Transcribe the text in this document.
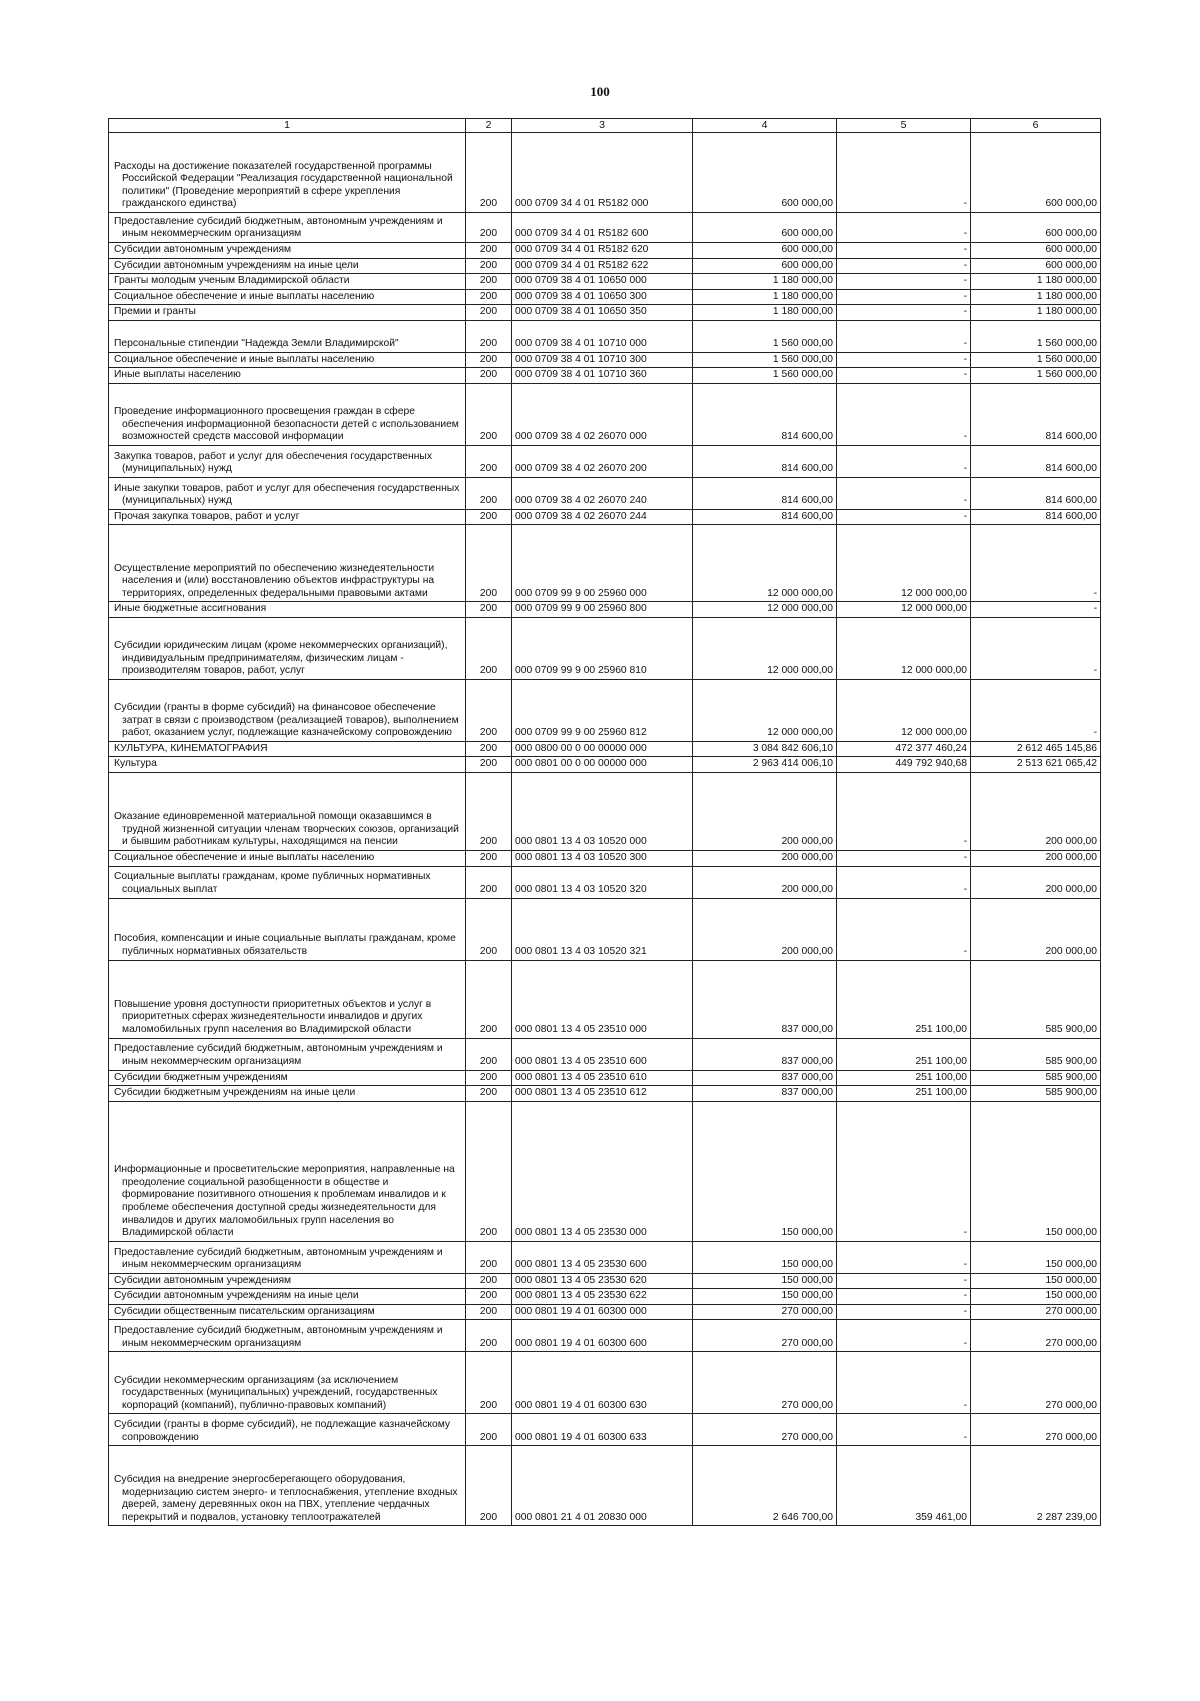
100
1	2	3	4	5	6

Расходы на достижение показателей государственной программы Российской Федерации "Реализация государственной национальной политики" (Проведение мероприятий в сфере укрепления гражданского единства)	200	000 0709 34 4 01 R5182 000	600 000,00	-	600 000,00

Предоставление субсидий бюджетным, автономным учреждениям и иным некоммерческим организациям	200	000 0709 34 4 01 R5182 600	600 000,00	-	600 000,00

Субсидии автономным учреждениям	200	000 0709 34 4 01 R5182 620	600 000,00	-	600 000,00

Субсидии автономным учреждениям на иные цели	200	000 0709 34 4 01 R5182 622	600 000,00	-	600 000,00

Гранты молодым ученым Владимирской области	200	000 0709 38 4 01 10650 000	1 180 000,00	-	1 180 000,00

Социальное обеспечение и иные выплаты населению	200	000 0709 38 4 01 10650 300	1 180 000,00	-	1 180 000,00

Премии и гранты	200	000 0709 38 4 01 10650 350	1 180 000,00	-	1 180 000,00

Персональные стипендии "Надежда Земли Владимирской"	200	000 0709 38 4 01 10710 000	1 560 000,00	-	1 560 000,00

Социальное обеспечение и иные выплаты населению	200	000 0709 38 4 01 10710 300	1 560 000,00	-	1 560 000,00

Иные выплаты населению	200	000 0709 38 4 01 10710 360	1 560 000,00	-	1 560 000,00

Проведение информационного просвещения граждан в сфере обеспечения информационной безопасности детей с использованием возможностей средств массовой информации	200	000 0709 38 4 02 26070 000	814 600,00	-	814 600,00

Закупка товаров, работ и услуг для обеспечения государственных (муниципальных) нужд	200	000 0709 38 4 02 26070 200	814 600,00	-	814 600,00

Иные закупки товаров, работ и услуг для обеспечения государственных (муниципальных) нужд	200	000 0709 38 4 02 26070 240	814 600,00	-	814 600,00

Прочая закупка товаров, работ и услуг	200	000 0709 38 4 02 26070 244	814 600,00	-	814 600,00

Осуществление мероприятий по обеспечению жизнедеятельности населения и (или) восстановлению объектов инфраструктуры на территориях, определенных федеральными правовыми актами	200	000 0709 99 9 00 25960 000	12 000 000,00	12 000 000,00	-

Иные бюджетные ассигнования	200	000 0709 99 9 00 25960 800	12 000 000,00	12 000 000,00	-

Субсидии юридическим лицам (кроме некоммерческих организаций), индивидуальным предпринимателям, физическим лицам - производителям товаров, работ, услуг	200	000 0709 99 9 00 25960 810	12 000 000,00	12 000 000,00	-

Субсидии (гранты в форме субсидий) на финансовое обеспечение затрат в связи с производством (реализацией товаров), выполнением работ, оказанием услуг, подлежащие казначейскому сопровождению	200	000 0709 99 9 00 25960 812	12 000 000,00	12 000 000,00	-

КУЛЬТУРА, КИНЕМАТОГРАФИЯ	200	000 0800 00 0 00 00000 000	3 084 842 606,10	472 377 460,24	2 612 465 145,86

Культура	200	000 0801 00 0 00 00000 000	2 963 414 006,10	449 792 940,68	2 513 621 065,42

Оказание единовременной материальной помощи оказавшимся в трудной жизненной ситуации членам творческих союзов, организаций и бывшим работникам культуры, находящимся на пенсии	200	000 0801 13 4 03 10520 000	200 000,00	-	200 000,00

Социальное обеспечение и иные выплаты населению	200	000 0801 13 4 03 10520 300	200 000,00	-	200 000,00

Социальные выплаты гражданам, кроме публичных нормативных социальных выплат	200	000 0801 13 4 03 10520 320	200 000,00	-	200 000,00

Пособия, компенсации и иные социальные выплаты гражданам, кроме публичных нормативных обязательств	200	000 0801 13 4 03 10520 321	200 000,00	-	200 000,00

Повышение уровня доступности приоритетных объектов и услуг в приоритетных сферах жизнедеятельности инвалидов и других маломобильных групп населения во Владимирской области	200	000 0801 13 4 05 23510 000	837 000,00	251 100,00	585 900,00

Предоставление субсидий бюджетным, автономным учреждениям и иным некоммерческим организациям	200	000 0801 13 4 05 23510 600	837 000,00	251 100,00	585 900,00

Субсидии бюджетным учреждениям	200	000 0801 13 4 05 23510 610	837 000,00	251 100,00	585 900,00

Субсидии бюджетным учреждениям на иные цели	200	000 0801 13 4 05 23510 612	837 000,00	251 100,00	585 900,00

Информационные и просветительские мероприятия, направленные на преодоление социальной разобщенности в обществе и формирование позитивного отношения к проблемам инвалидов и к проблеме обеспечения доступной среды жизнедеятельности для инвалидов и других маломобильных групп населения во Владимирской области	200	000 0801 13 4 05 23530 000	150 000,00	-	150 000,00

Предоставление субсидий бюджетным, автономным учреждениям и иным некоммерческим организациям	200	000 0801 13 4 05 23530 600	150 000,00	-	150 000,00

Субсидии автономным учреждениям	200	000 0801 13 4 05 23530 620	150 000,00	-	150 000,00

Субсидии автономным учреждениям на иные цели	200	000 0801 13 4 05 23530 622	150 000,00	-	150 000,00

Субсидии общественным писательским организациям	200	000 0801 19 4 01 60300 000	270 000,00	-	270 000,00

Предоставление субсидий бюджетным, автономным учреждениям и иным некоммерческим организациям	200	000 0801 19 4 01 60300 600	270 000,00	-	270 000,00

Субсидии некоммерческим организациям (за исключением государственных (муниципальных) учреждений, государственных корпораций (компаний), публично-правовых компаний)	200	000 0801 19 4 01 60300 630	270 000,00	-	270 000,00

Субсидии (гранты в форме субсидий), не подлежащие казначейскому сопровождению	200	000 0801 19 4 01 60300 633	270 000,00	-	270 000,00

Субсидия на внедрение энергосберегающего оборудования, модернизацию систем энерго- и теплоснабжения, утепление входных дверей, замену деревянных окон на ПВХ, утепление чердачных перекрытий и подвалов, установку теплоотражателей	200	000 0801 21 4 01 20830 000	2 646 700,00	359 461,00	2 287 239,00
